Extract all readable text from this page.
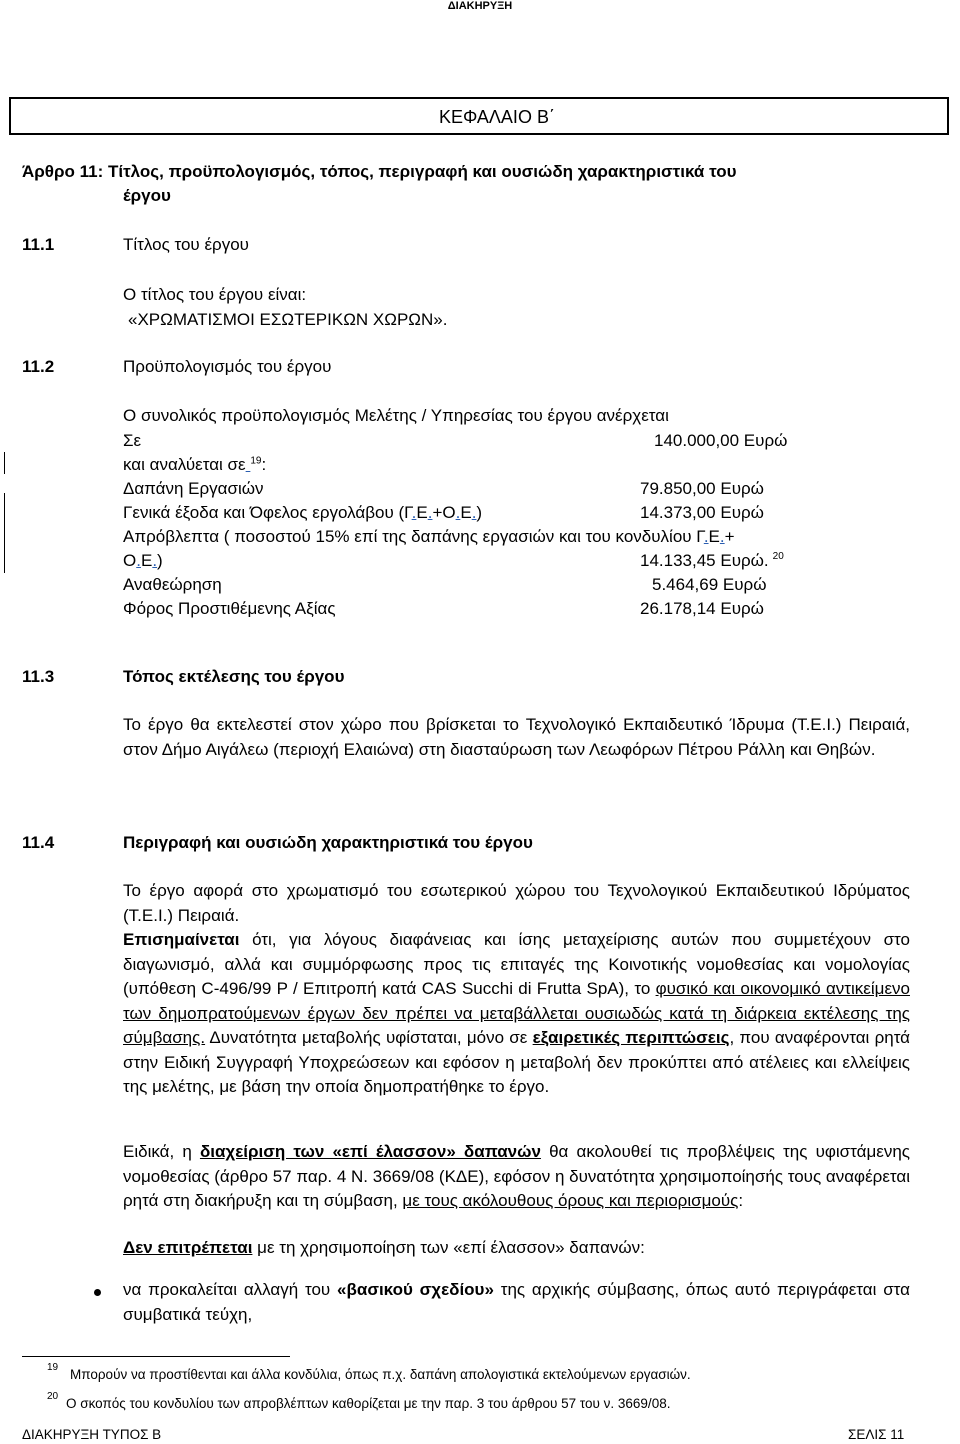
ΔΙΑΚΗΡΥΞΗ
ΚΕΦΑΛΑΙΟ Β΄
Άρθρο 11: Τίτλος, προϋπολογισμός, τόπος, περιγραφή και ουσιώδη χαρακτηριστικά του
έργου
11.1	Τίτλος του έργου
Ο τίτλος του έργου είναι:
«ΧΡΩΜΑΤΙΣΜΟΙ ΕΣΩΤΕΡΙΚΩΝ ΧΩΡΩΝ».
11.2	Προϋπολογισμός του έργου
Ο συνολικός προϋπολογισμός Μελέτης / Υπηρεσίας του έργου ανέρχεται
Σε	140.000,00 Ευρώ
και αναλύεται σε $^{19}$:
Δαπάνη Εργασιών	79.850,00 Ευρώ
Γενικά έξοδα και Όφελος εργολάβου (Γ.Ε.+Ο.Ε.)	14.373,00 Ευρώ
Απρόβλεπτα ( ποσοστού 15% επί της δαπάνης εργασιών και του κονδυλίου Γ.Ε.+
Ο.Ε.)	14.133,45 Ευρώ. $^{20}$
Αναθεώρηση	5.464,69 Ευρώ
Φόρος Προστιθέμενης Αξίας	26.178,14 Ευρώ
11.3	Τόπος εκτέλεσης του έργου
Το έργο θα εκτελεστεί στον χώρο που βρίσκεται το Τεχνολογικό Εκπαιδευτικό Ίδρυμα (Τ.Ε.Ι.) Πειραιά, στον Δήμο Αιγάλεω (περιοχή Ελαιώνα) στη διασταύρωση των Λεωφόρων Πέτρου Ράλλη και Θηβών.
11.4	Περιγραφή και ουσιώδη χαρακτηριστικά του έργου
Το έργο αφορά στο χρωματισμό του εσωτερικού χώρου του Τεχνολογικού Εκπαιδευτικού Ιδρύματος (Τ.Ε.Ι.) Πειραιά.
Επισημαίνεται ότι, για λόγους διαφάνειας και ίσης μεταχείρισης αυτών που συμμετέχουν στο διαγωνισμό, αλλά και συμμόρφωσης προς τις επιταγές της Κοινοτικής νομοθεσίας και νομολογίας (υπόθεση C-496/99 P / Επιτροπή κατά CAS Succhi di Frutta SpA), το φυσικό και οικονομικό αντικείμενο των δημοπρατούμενων έργων δεν πρέπει να μεταβάλλεται ουσιωδώς κατά τη διάρκεια εκτέλεσης της σύμβασης. Δυνατότητα μεταβολής υφίσταται, μόνο σε εξαιρετικές περιπτώσεις, που αναφέρονται ρητά στην Ειδική Συγγραφή Υποχρεώσεων και εφόσον η μεταβολή δεν προκύπτει από ατέλειες και ελλείψεις της μελέτης, με βάση την οποία δημοπρατήθηκε το έργο.
Ειδικά, η διαχείριση των «επί έλασσον» δαπανών θα ακολουθεί τις προβλέψεις της υφιστάμενης νομοθεσίας (άρθρο 57 παρ. 4 Ν. 3669/08 (ΚΔΕ), εφόσον η δυνατότητα χρησιμοποίησής τους αναφέρεται ρητά στη διακήρυξη και τη σύμβαση, με τους ακόλουθους όρους και περιορισμούς:
Δεν επιτρέπεται με τη χρησιμοποίηση των «επί έλασσον» δαπανών:
να προκαλείται αλλαγή του «βασικού σχεδίου» της αρχικής σύμβασης, όπως αυτό περιγράφεται στα συμβατικά τεύχη,
19 Μπορούν να προστίθενται και άλλα κονδύλια, όπως π.χ. δαπάνη απολογιστικά εκτελούμενων εργασιών.
20 Ο σκοπός του κονδυλίου των απροβλέπτων καθορίζεται με την παρ. 3 του άρθρου 57 του ν. 3669/08.
ΔΙΑΚΗΡΥΞΗ ΤΥΠΟΣ Β	ΣΕΛΙΣ 11
